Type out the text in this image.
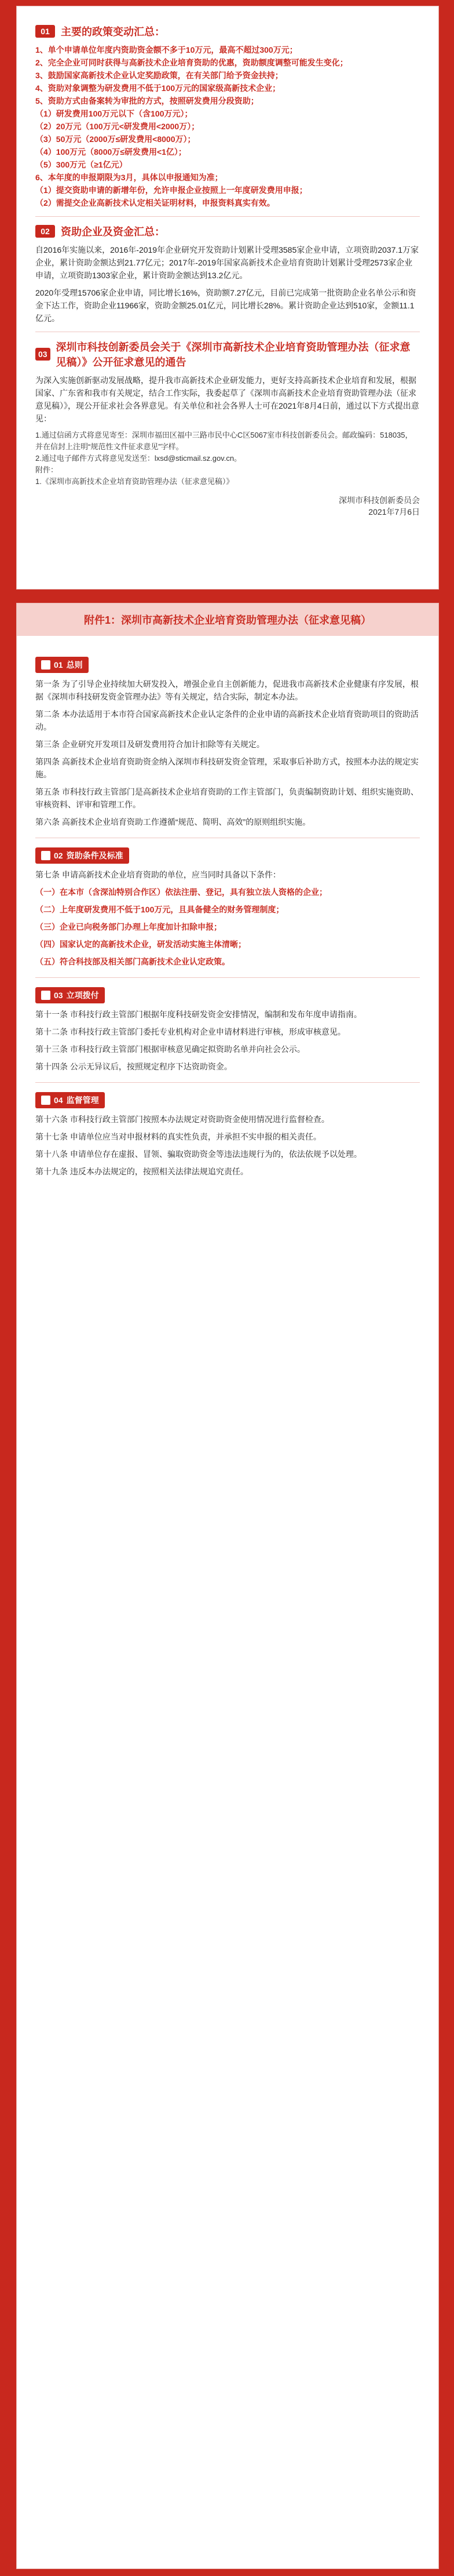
01	主要的政策变动汇总：
1、单个申请单位年度内资助资金额不多于10万元，最高不超过300万元；
2、完全企业可同时获得与高新技术企业培育资助的优惠，资助额度调整可能发生变化；
3、鼓励国家高新技术企业认定奖励政策，在有关部门给予资金扶持；
4、资助对象调整为研发费用不低于100万元的国家级高新技术企业；
5、资助方式由备案转为审批的方式，按照研发费用分段资助；
（1）研发费用100万元以下（含100万元）；
（2）20万元（100万元<研发费用<2000万）；
（3）50万元（2000万≤研发费用<8000万）；
（4）100万元（8000万≤研发费用<1亿）；
（5）300万元（≥1亿元）
6、本年度的申报期限为3月，具体以申报通知为准；
（1）提交资助申请的新增年份，允许申报企业按照上一年度研发费用申报；
（2）需提交企业高新技术认定相关证明材料，申报资料真实有效。
02	资助企业及资金汇总：
自2016年实施以来，2016年-2019年企业研究开发资助计划累计受理3585家企业申请，立项资助2037.1万家企业，累计资助金额达到21.77亿元；2017年-2019年国家高新技术企业培育资助计划累计受理2573家企业申请，立项资助1303家企业，累计资助金额达到13.2亿元。
2020年受理15706家企业申请，同比增长16%，资助额7.27亿元，目前已完成第一批资助企业名单公示和资金下达工作，资助企业11966家，资助金额25.01亿元，同比增长28%。累计资助企业达到510家，金额11.1亿元。
03
深圳市科技创新委员会关于《深圳市高新技术企业培育资助管理办法（征求意见稿）》公开征求意见的通告
为深入实施创新驱动发展战略，提升我市高新技术企业研发能力，更好支持高新技术企业培育和发展，根据国家、广东省和我市有关规定，结合工作实际，我委起草了《深圳市高新技术企业培育资助管理办法（征求意见稿）》，现公开征求社会各界意见。有关单位和社会各界人士可在2021年8月4日前，通过以下方式提出意见：
1.通过信函方式将意见寄至：深圳市福田区福中三路市民中心C区5067室市科技创新委员会。邮政编码：518035，并在信封上注明“规范性文件征求意见”字样。
2.通过电子邮件方式将意见发送至：lxsd@sticmail.sz.gov.cn。
附件：
1.《深圳市高新技术企业培育资助管理办法（征求意见稿）》
深圳市科技创新委员会
2021年7月6日
附件1：深圳市高新技术企业培育资助管理办法（征求意见稿）
01 总则
第一条 为了引导企业持续加大研发投入，增强企业自主创新能力，促进我市高新技术企业健康有序发展，根据《深圳市科技研发资金管理办法》等有关规定，结合实际，制定本办法。
第二条 本办法适用于本市符合国家高新技术企业认定条件的企业申请的高新技术企业培育资助项目的资助活动。
第三条 企业研究开发项目及研发费用符合加计扣除等有关规定。
第四条 高新技术企业培育资助资金纳入深圳市科技研发资金管理，采取事后补助方式，按照本办法的规定实施。
第五条 市科技行政主管部门是高新技术企业培育资助的工作主管部门，负责编制资助计划、组织实施资助、审核资料、评审和管理工作。
第六条 高新技术企业培育资助工作遵循“规范、简明、高效”的原则组织实施。
02 资助条件及标准
第七条 申请高新技术企业培育资助的单位，应当同时具备以下条件：
（一）在本市（含深汕特别合作区）依法注册、登记，具有独立法人资格的企业；
（二）上年度研发费用不低于100万元，且具备健全的财务管理制度；
（三）企业已向税务部门办理上年度加计扣除申报；
（四）国家认定的高新技术企业，研发活动实施主体清晰；
（五）符合科技部及相关部门高新技术企业认定政策。
03 立项拨付
第十一条 市科技行政主管部门根据年度科技研发资金安排情况，编制和发布年度申请指南。
第十二条 市科技行政主管部门委托专业机构对企业申请材料进行审核，形成审核意见。
第十三条 市科技行政主管部门根据审核意见确定拟资助名单并向社会公示。
第十四条 公示无异议后，按照规定程序下达资助资金。
04 监督管理
第十六条 市科技行政主管部门按照本办法规定对资助资金使用情况进行监督检查。
第十七条 申请单位应当对申报材料的真实性负责，并承担不实申报的相关责任。
第十八条 申请单位存在虚报、冒领、骗取资助资金等违法违规行为的，依法依规予以处理。
第十九条 违反本办法规定的，按照相关法律法规追究责任。
